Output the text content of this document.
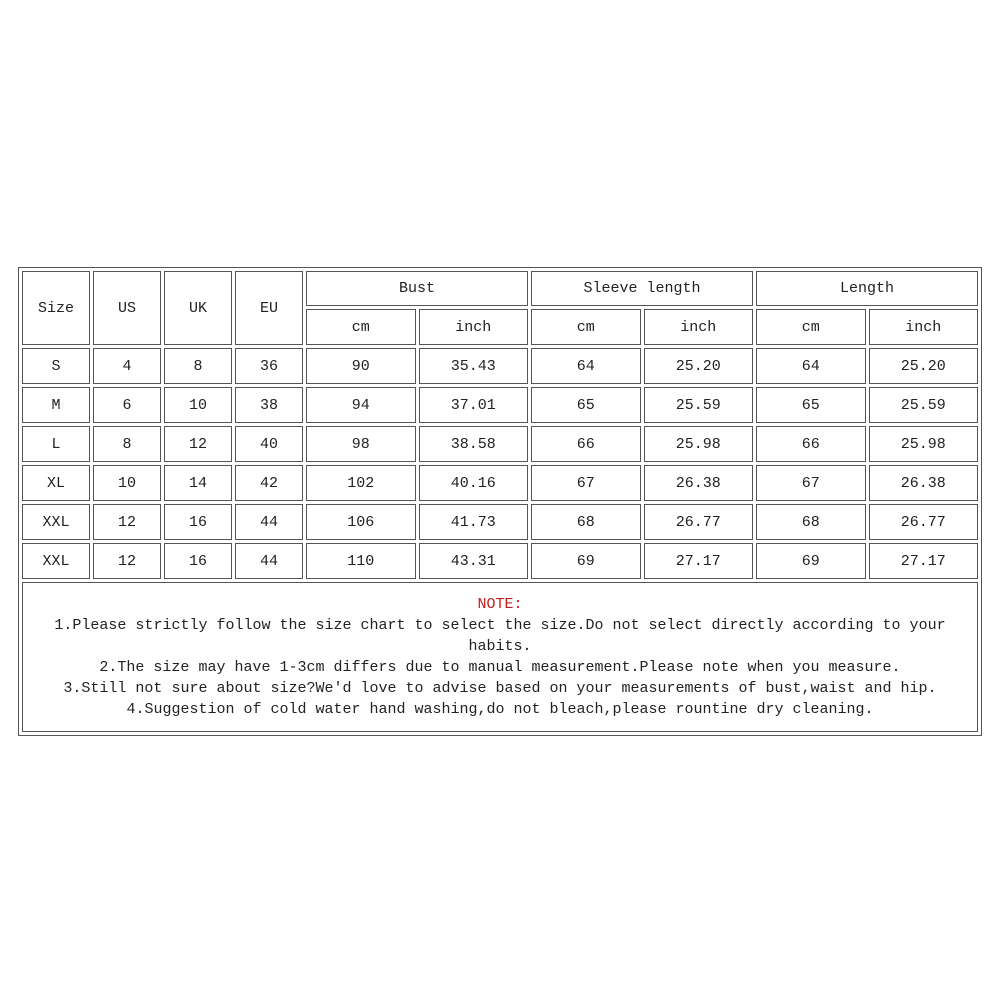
Size	US	UK	EU	Bust		Sleeve length		Length	
				cm	inch	cm	inch	cm	inch
S	4	8	36	90	35.43	64	25.20	64	25.20
M	6	10	38	94	37.01	65	25.59	65	25.59
L	8	12	40	98	38.58	66	25.98	66	25.98
XL	10	14	42	102	40.16	67	26.38	67	26.38
XXL	12	16	44	106	41.73	68	26.77	68	26.77
XXL	12	16	44	110	43.31	69	27.17	69	27.17

NOTE:
1.Please strictly follow the size chart to select the size.Do not select directly according to your habits.
2.The size may have 1-3cm differs due to manual measurement.Please note when you measure.
3.Still not sure about size?We'd love to advise based on your measurements of bust,waist and hip.
4.Suggestion of cold water hand washing,do not bleach,please rountine dry cleaning.									
